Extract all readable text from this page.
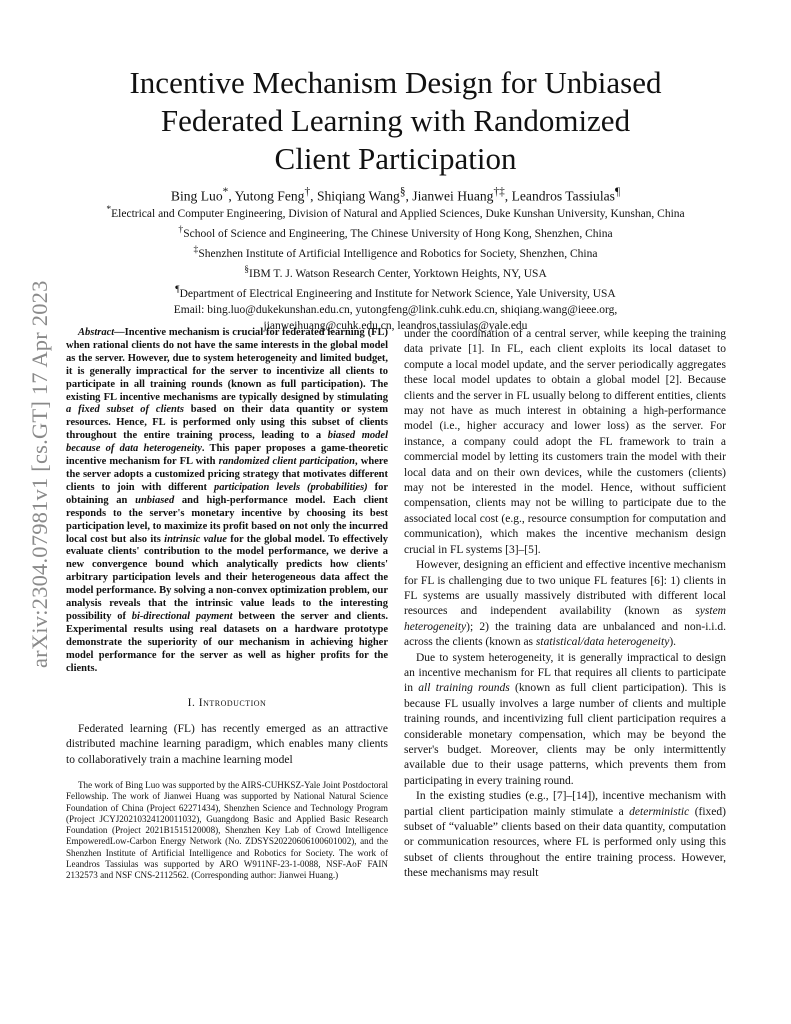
arXiv:2304.07981v1 [cs.GT] 17 Apr 2023
Incentive Mechanism Design for Unbiased
Federated Learning with Randomized
Client Participation
Bing Luo*, Yutong Feng†, Shiqiang Wang§, Jianwei Huang†‡, Leandros Tassiulas¶
*Electrical and Computer Engineering, Division of Natural and Applied Sciences, Duke Kunshan University, Kunshan, China
†School of Science and Engineering, The Chinese University of Hong Kong, Shenzhen, China
‡Shenzhen Institute of Artificial Intelligence and Robotics for Society, Shenzhen, China
§IBM T. J. Watson Research Center, Yorktown Heights, NY, USA
¶Department of Electrical Engineering and Institute for Network Science, Yale University, USA
Email: bing.luo@dukekunshan.edu.cn, yutongfeng@link.cuhk.edu.cn, shiqiang.wang@ieee.org,
jianweihuang@cuhk.edu.cn, leandros.tassiulas@yale.edu

Abstract—Incentive mechanism is crucial for federated learning (FL) when rational clients do not have the same interests in the global model as the server. However, due to system heterogeneity and limited budget, it is generally impractical for the server to incentivize all clients to participate in all training rounds (known as full participation). The existing FL incentive mechanisms are typically designed by stimulating a fixed subset of clients based on their data quantity or system resources. Hence, FL is performed only using this subset of clients throughout the entire training process, leading to a biased model because of data heterogeneity. This paper proposes a game-theoretic incentive mechanism for FL with randomized client participation, where the server adopts a customized pricing strategy that motivates different clients to join with different participation levels (probabilities) for obtaining an unbiased and high-performance model. Each client responds to the server's monetary incentive by choosing its best participation level, to maximize its profit based on not only the incurred local cost but also its intrinsic value for the global model. To effectively evaluate clients' contribution to the model performance, we derive a new convergence bound which analytically predicts how clients' arbitrary participation levels and their heterogeneous data affect the model performance. By solving a non-convex optimization problem, our analysis reveals that the intrinsic value leads to the interesting possibility of bi-directional payment between the server and clients. Experimental results using real datasets on a hardware prototype demonstrate the superiority of our mechanism in achieving higher model performance for the server as well as higher profits for the clients.

I. Introduction

Federated learning (FL) has recently emerged as an attractive distributed machine learning paradigm, which enables many clients to collaboratively train a machine learning model

The work of Bing Luo was supported by the AIRS-CUHKSZ-Yale Joint Postdoctoral Fellowship. The work of Jianwei Huang was supported by National Natural Science Foundation of China (Project 62271434), Shenzhen Science and Technology Program (Project JCYJ20210324120011032), Guangdong Basic and Applied Basic Research Foundation (Project 2021B1515120008), Shenzhen Key Lab of Crowd Intelligence EmpoweredLow-Carbon Energy Network (No. ZDSYS20220606100601002), and the Shenzhen Institute of Artificial Intelligence and Robotics for Society. The work of Leandros Tassiulas was supported by ARO W911NF-23-1-0088, NSF-AoF FAIN 2132573 and NSF CNS-2112562. (Corresponding author: Jianwei Huang.)

under the coordination of a central server, while keeping the training data private [1]. In FL, each client exploits its local dataset to compute a local model update, and the server periodically aggregates these local model updates to obtain a global model [2]. Because clients and the server in FL usually belong to different entities, clients may not have as much interest in obtaining a high-performance model (i.e., higher accuracy and lower loss) as the server. For instance, a company could adopt the FL framework to train a commercial model by letting its customers train the model with their local data and on their own devices, while the customers (clients) may not be interested in the model. Hence, without sufficient compensation, clients may not be willing to participate due to the associated local cost (e.g., resource consumption for computation and communication), which makes the incentive mechanism design crucial in FL systems [3]–[5].

However, designing an efficient and effective incentive mechanism for FL is challenging due to two unique FL features [6]: 1) clients in FL systems are usually massively distributed with different local resources and independent availability (known as system heterogeneity); 2) the training data are unbalanced and non-i.i.d. across the clients (known as statistical/data heterogeneity).

Due to system heterogeneity, it is generally impractical to design an incentive mechanism for FL that requires all clients to participate in all training rounds (known as full client participation). This is because FL usually involves a large number of clients and multiple training rounds, and incentivizing full client participation requires a considerable monetary compensation, which may be beyond the server's budget. Moreover, clients may be only intermittently available due to their usage patterns, which prevents them from participating in every training round.

In the existing studies (e.g., [7]–[14]), incentive mechanism with partial client participation mainly stimulate a deterministic (fixed) subset of “valuable” clients based on their data quantity, computation or communication resources, where FL is performed only using this subset of clients throughout the entire training process. However, these mechanisms may result
